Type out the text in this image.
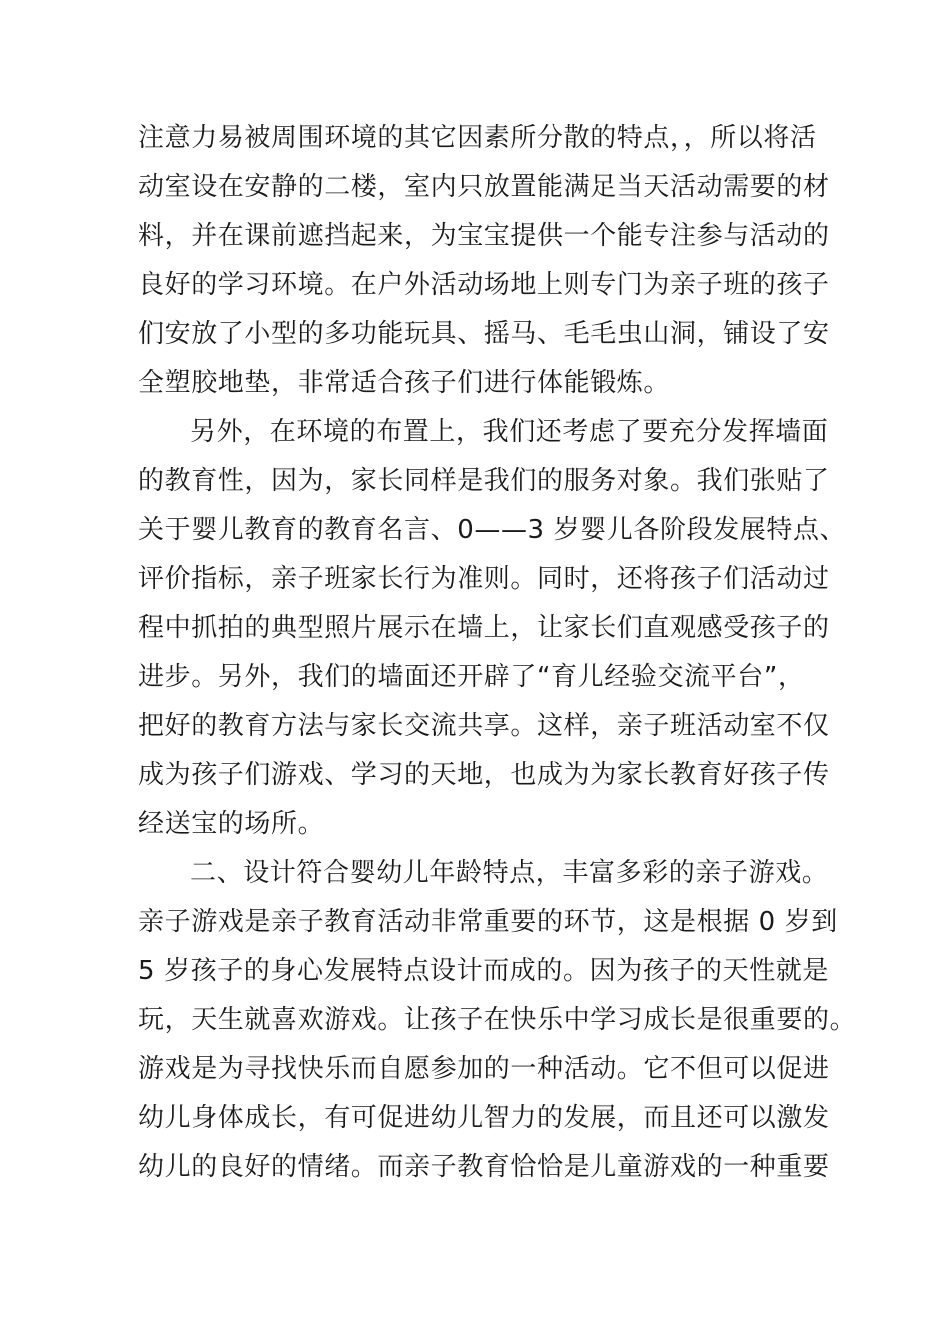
注意力易被周围环境的其它因素所分散的特点，，所以将活
动室设在安静的二楼，室内只放置能满足当天活动需要的材
料，并在课前遮挡起来，为宝宝提供一个能专注参与活动的
良好的学习环境。在户外活动场地上则专门为亲子班的孩子
们安放了小型的多功能玩具、摇马、毛毛虫山洞，铺设了安
全塑胶地垫，非常适合孩子们进行体能锻炼。
另外，在环境的布置上，我们还考虑了要充分发挥墙面
的教育性，因为，家长同样是我们的服务对象。我们张贴了
关于婴儿教育的教育名言、0——3 岁婴儿各阶段发展特点、
评价指标，亲子班家长行为准则。同时，还将孩子们活动过
程中抓拍的典型照片展示在墙上，让家长们直观感受孩子的
进步。另外，我们的墙面还开辟了“育儿经验交流平台”，
把好的教育方法与家长交流共享。这样，亲子班活动室不仅
成为孩子们游戏、学习的天地，也成为为家长教育好孩子传
经送宝的场所。
二、设计符合婴幼儿年龄特点，丰富多彩的亲子游戏。
亲子游戏是亲子教育活动非常重要的环节，这是根据 0 岁到
5 岁孩子的身心发展特点设计而成的。因为孩子的天性就是
玩，天生就喜欢游戏。让孩子在快乐中学习成长是很重要的。
游戏是为寻找快乐而自愿参加的一种活动。它不但可以促进
幼儿身体成长，有可促进幼儿智力的发展，而且还可以激发
幼儿的良好的情绪。而亲子教育恰恰是儿童游戏的一种重要
